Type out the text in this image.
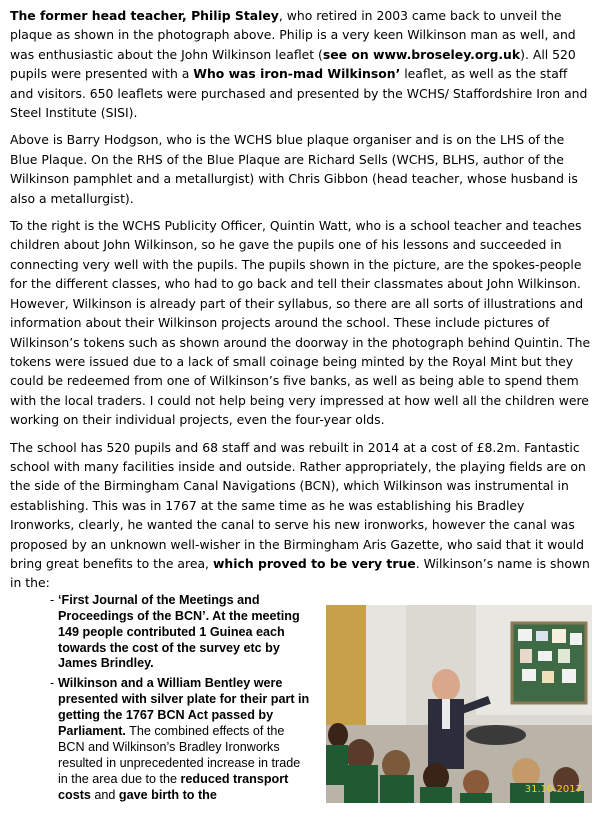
The former head teacher, Philip Staley, who retired in 2003 came back to unveil the plaque as shown in the photograph above. Philip is a very keen Wilkinson man as well, and was enthusiastic about the John Wilkinson leaflet (see on www.broseley.org.uk). All 520 pupils were presented with a Who was iron-mad Wilkinson’ leaflet, as well as the staff and visitors. 650 leaflets were purchased and presented by the WCHS/ Staffordshire Iron and Steel Institute (SISI).

Above is Barry Hodgson, who is the WCHS blue plaque organiser and is on the LHS of the Blue Plaque. On the RHS of the Blue Plaque are Richard Sells (WCHS, BLHS, author of the Wilkinson pamphlet and a metallurgist) with Chris Gibbon (head teacher, whose husband is also a metallurgist).

To the right is the WCHS Publicity Officer, Quintin Watt, who is a school teacher and teaches children about John Wilkinson, so he gave the pupils one of his lessons and succeeded in connecting very well with the pupils. The pupils shown in the picture, are the spokes-people for the different classes, who had to go back and tell their classmates about John Wilkinson. However, Wilkinson is already part of their syllabus, so there are all sorts of illustrations and information about their Wilkinson projects around the school. These include pictures of Wilkinson’s tokens such as shown around the doorway in the photograph behind Quintin. The tokens were issued due to a lack of small coinage being minted by the Royal Mint but they could be redeemed from one of Wilkinson’s five banks, as well as being able to spend them with the local traders. I could not help being very impressed at how well all the children were working on their individual projects, even the four-year olds.

The school has 520 pupils and 68 staff and was rebuilt in 2014 at a cost of £8.2m. Fantastic school with many facilities inside and outside. Rather appropriately, the playing fields are on the side of the Birmingham Canal Navigations (BCN), which Wilkinson was instrumental in establishing. This was in 1767 at the same time as he was establishing his Bradley Ironworks, clearly, he wanted the canal to serve his new ironworks, however the canal was proposed by an unknown well-wisher in the Birmingham Aris Gazette, who said that it would bring great benefits to the area, which proved to be very true. Wilkinson’s name is shown in the:

- ‘First Journal of the Meetings and Proceedings of the BCN’. At the meeting 149 people contributed 1 Guinea each towards the cost of the survey etc by James Brindley.
- Wilkinson and a William Bentley were presented with silver plate for their part in getting the 1767 BCN Act passed by Parliament. The combined effects of the BCN and Wilkinson’s Bradley Ironworks resulted in unprecedented increase in trade in the area due to the reduced transport costs and gave birth to the	31.10.2017
